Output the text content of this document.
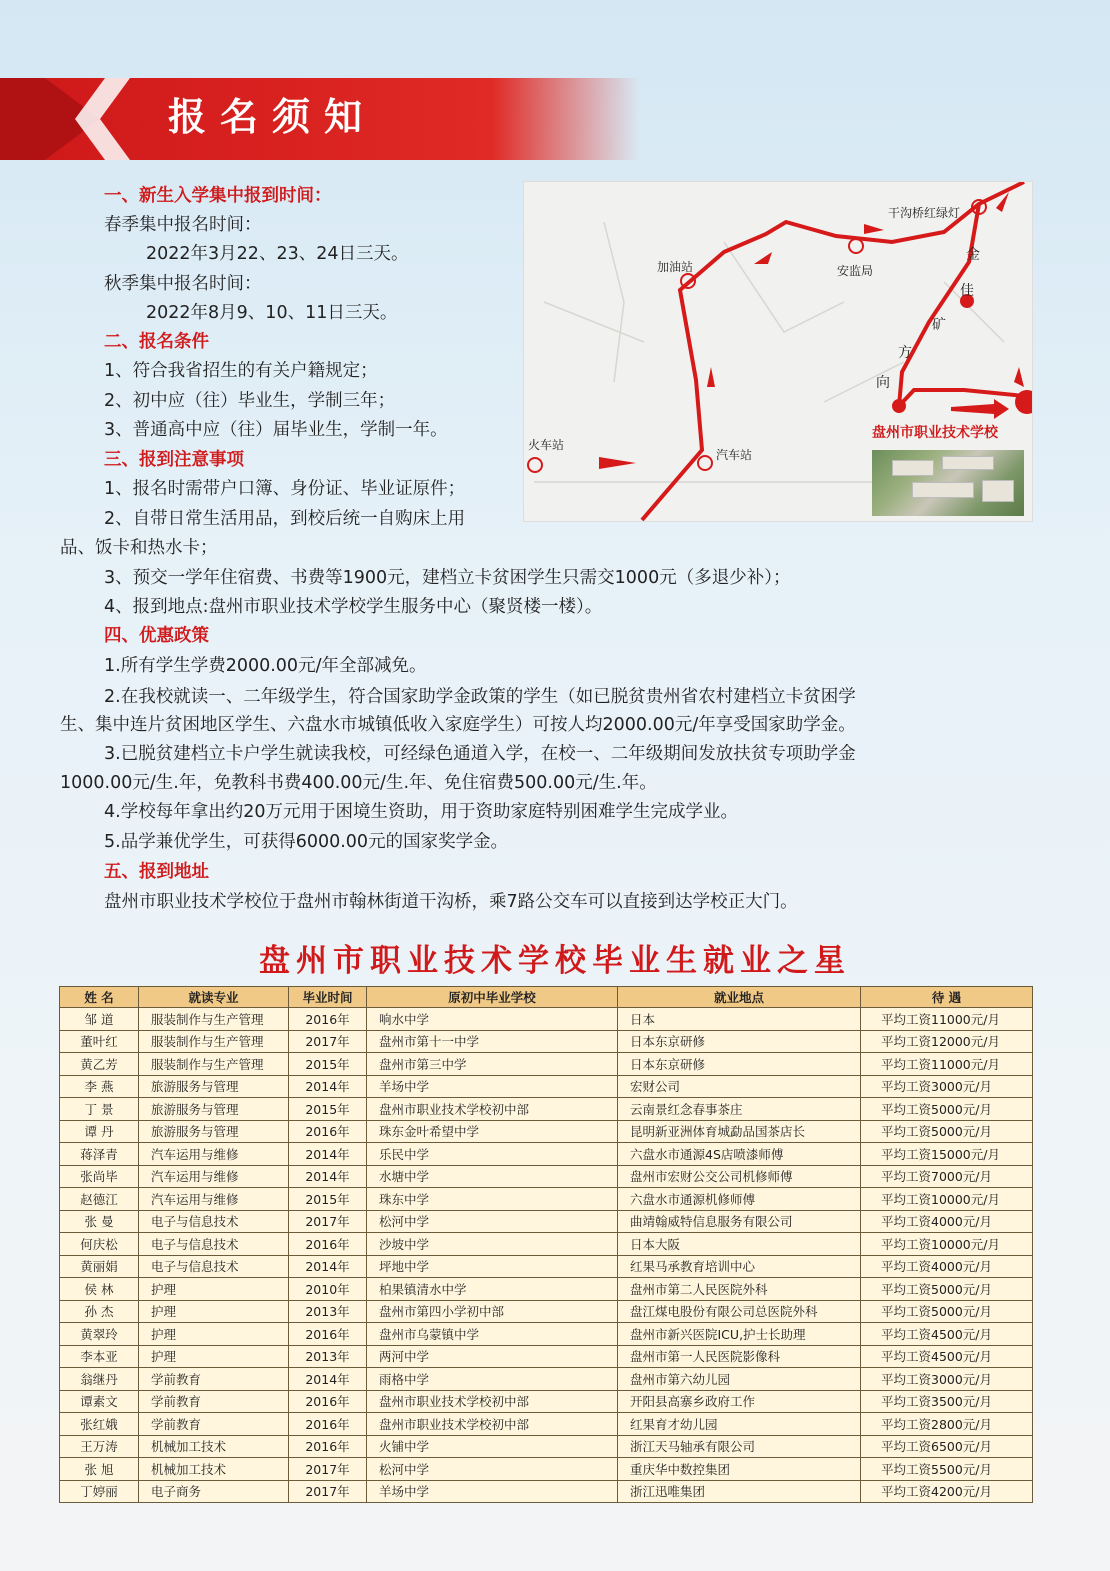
报名须知
一、新生入学集中报到时间：
春季集中报名时间：
2022年3月22、23、24日三天。
秋季集中报名时间：
2022年8月9、10、11日三天。
二、报名条件
1、符合我省招生的有关户籍规定；
2、初中应（往）毕业生，学制三年；
3、普通高中应（往）届毕业生，学制一年。
三、报到注意事项
1、报名时需带户口簿、身份证、毕业证原件；
2、自带日常生活用品，到校后统一自购床上用
品、饭卡和热水卡；
3、预交一学年住宿费、书费等1900元，建档立卡贫困学生只需交1000元（多退少补）；
4、报到地点:盘州市职业技术学校学生服务中心（聚贤楼一楼）。
四、优惠政策
1.所有学生学费2000.00元/年全部减免。
2.在我校就读一、二年级学生，符合国家助学金政策的学生（如已脱贫贵州省农村建档立卡贫困学
生、集中连片贫困地区学生、六盘水市城镇低收入家庭学生）可按人均2000.00元/年享受国家助学金。
3.已脱贫建档立卡户学生就读我校，可经绿色通道入学，在校一、二年级期间发放扶贫专项助学金
1000.00元/生.年，免教科书费400.00元/生.年、免住宿费500.00元/生.年。
4.学校每年拿出约20万元用于困境生资助，用于资助家庭特别困难学生完成学业。
5.品学兼优学生，可获得6000.00元的国家奖学金。
五、报到地址
盘州市职业技术学校位于盘州市翰林街道干沟桥，乘7路公交车可以直接到达学校正大门。
加油站	安监局
干沟桥红绿灯
火车站
汽车站
金
佳
矿
方
向
盘州市职业技术学校
盘州市职业技术学校毕业生就业之星
姓 名	就读专业	毕业时间	原初中毕业学校	就业地点	待 遇
邹 道	服装制作与生产管理	2016年	响水中学	日本	平均工资11000元/月
董叶红	服装制作与生产管理	2017年	盘州市第十一中学	日本东京研修	平均工资12000元/月
黄乙芳	服装制作与生产管理	2015年	盘州市第三中学	日本东京研修	平均工资11000元/月
李 燕	旅游服务与管理	2014年	羊场中学	宏财公司	平均工资3000元/月
丁 景	旅游服务与管理	2015年	盘州市职业技术学校初中部	云南景红念春事茶庄	平均工资5000元/月
谭 丹	旅游服务与管理	2016年	珠东金叶希望中学	昆明新亚洲体育城勐品国茶店长	平均工资5000元/月
蒋泽青	汽车运用与维修	2014年	乐民中学	六盘水市通源4S店喷漆师傅	平均工资15000元/月
张尚毕	汽车运用与维修	2014年	水塘中学	盘州市宏财公交公司机修师傅	平均工资7000元/月
赵德江	汽车运用与维修	2015年	珠东中学	六盘水市通源机修师傅	平均工资10000元/月
张 曼	电子与信息技术	2017年	松河中学	曲靖翰威特信息服务有限公司	平均工资4000元/月
何庆松	电子与信息技术	2016年	沙坡中学	日本大阪	平均工资10000元/月
黄丽娟	电子与信息技术	2014年	坪地中学	红果马承教育培训中心	平均工资4000元/月
侯 林	护理	2010年	柏果镇清水中学	盘州市第二人民医院外科	平均工资5000元/月
孙 杰	护理	2013年	盘州市第四小学初中部	盘江煤电股份有限公司总医院外科	平均工资5000元/月
黄翠玲	护理	2016年	盘州市乌蒙镇中学	盘州市新兴医院ICU,护士长助理	平均工资4500元/月
李本亚	护理	2013年	两河中学	盘州市第一人民医院影像科	平均工资4500元/月
翁继丹	学前教育	2014年	雨格中学	盘州市第六幼儿园	平均工资3000元/月
谭素文	学前教育	2016年	盘州市职业技术学校初中部	开阳县高寨乡政府工作	平均工资3500元/月
张红娥	学前教育	2016年	盘州市职业技术学校初中部	红果育才幼儿园	平均工资2800元/月
王万涛	机械加工技术	2016年	火铺中学	浙江天马轴承有限公司	平均工资6500元/月
张 旭	机械加工技术	2017年	松河中学	重庆华中数控集团	平均工资5500元/月
丁婷丽	电子商务	2017年	羊场中学	浙江迅唯集团	平均工资4200元/月
